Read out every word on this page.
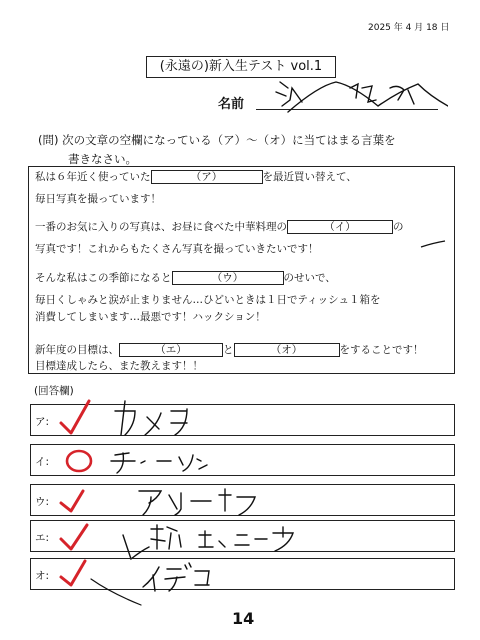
2025 年 4 月 18 日
(永遠の)新入生テスト vol.1
名前
(問) 次の文章の空欄になっている（ア）～（オ）に当てはまる言葉を
書きなさい。
私は６年近く使っていた	（ア）	を最近買い替えて、
毎日写真を撮っています！
一番のお気に入りの写真は、お昼に食べた中華料理の	（イ）	の
写真です！これからもたくさん写真を撮っていきたいです！
そんな私はこの季節になると	（ウ）	のせいで、
毎日くしゃみと涙が止まりません…ひどいときは１日でティッシュ１箱を
消費してしまいます…最悪です！ハックション！
新年度の目標は、	（エ）	と	（オ）	をすることです！
目標達成したら、また教えます！！
(回答欄)
ア:
イ:
ウ:
エ:
オ:
14
